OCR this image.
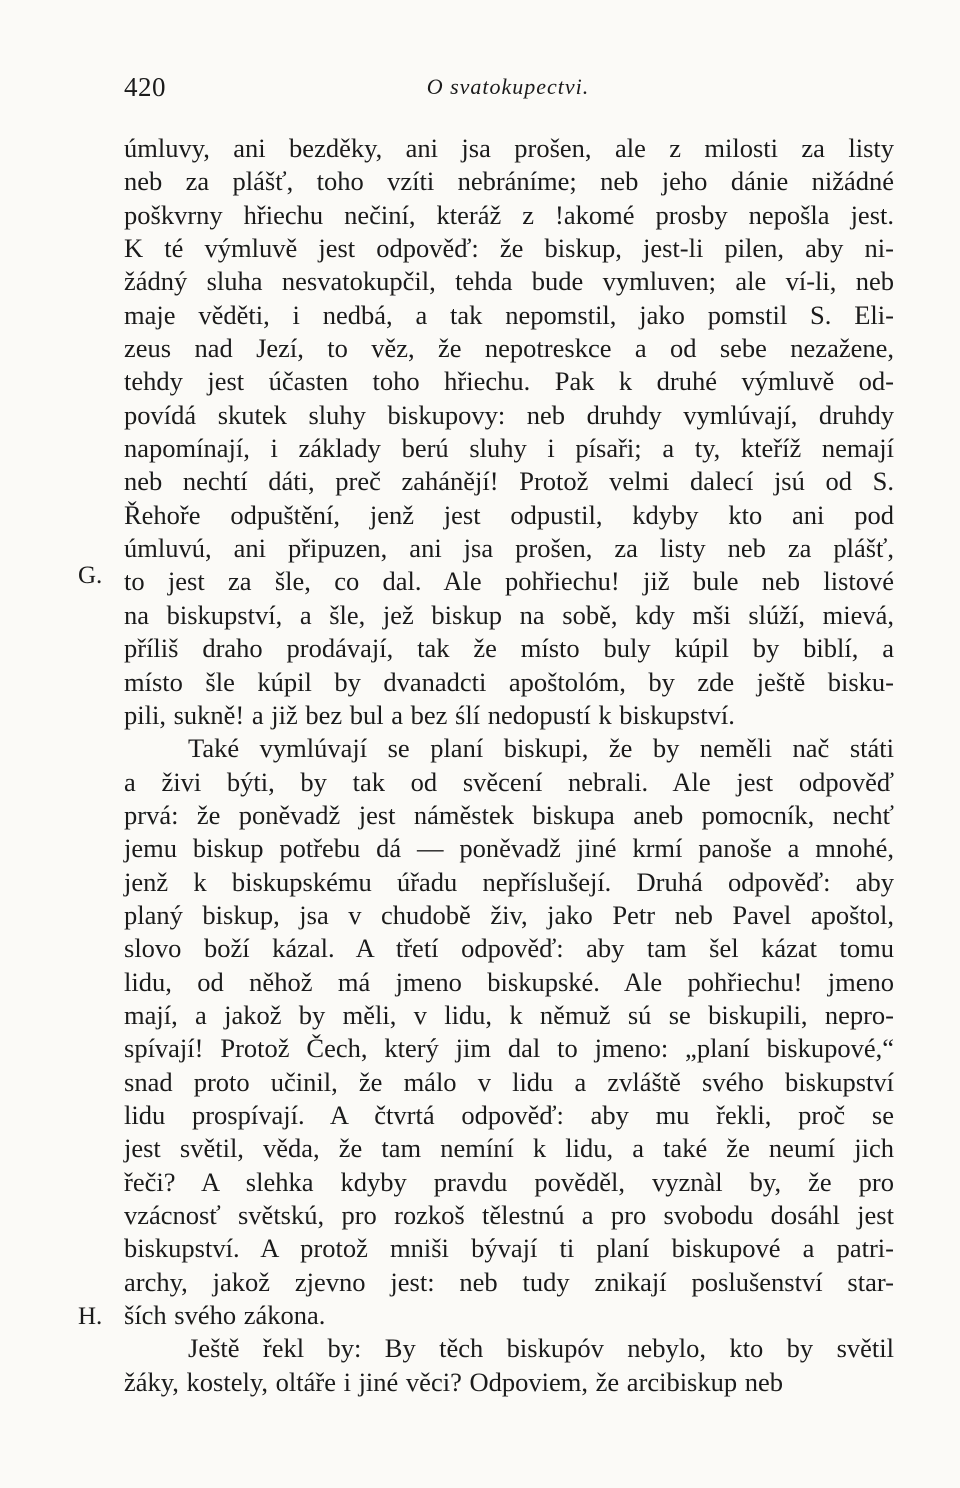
420	O svatokupectvi.
G.
H.
úmluvy, ani bezděky, ani jsa prošen, ale z milosti za listy
neb za plášť, toho vzíti nebráníme; neb jeho dánie nižádné
poškvrny hřiechu nečiní, kteráž z !akomé prosby nepošla jest.
K té výmluvě jest odpověď: že biskup, jest-li pilen, aby ni-
žádný sluha nesvatokupčil, tehda bude vymluven; ale ví-li, neb
maje věděti, i nedbá, a tak nepomstil, jako pomstil S. Eli-
zeus nad Jezí, to věz, že nepotreskce a od sebe nezažene,
tehdy jest účasten toho hřiechu. Pak k druhé výmluvě od-
povídá skutek sluhy biskupovy: neb druhdy vymlúvají, druhdy
napomínají, i základy berú sluhy i písaři; a ty, kteříž nemají
neb nechtí dáti, preč zahánějí! Protož velmi dalecí jsú od S.
Řehoře odpuštění, jenž jest odpustil, kdyby kto ani pod
úmluvú, ani připuzen, ani jsa prošen, za listy neb za plášť,
to jest za šle, co dal. Ale pohřiechu! již bule neb listové
na biskupství, a šle, jež biskup na sobě, kdy mši slúží, mievá,
příliš draho prodávají, tak že místo buly kúpil by biblí, a
místo šle kúpil by dvanadcti apoštolóm, by zde ještě bisku-
pili, sukně! a již bez bul a bez ślí nedopustí k biskupství.
Také vymlúvají se planí biskupi, že by neměli nač státi
a živi býti, by tak od svěcení nebrali. Ale jest odpověď
prvá: že poněvadž jest náměstek biskupa aneb pomocník, nechť
jemu biskup potřebu dá — poněvadž jiné krmí panoše a mnohé,
jenž k biskupskému úřadu nepříslušejí. Druhá odpověď: aby
planý biskup, jsa v chudobě živ, jako Petr neb Pavel apoštol,
slovo boží kázal. A třetí odpověď: aby tam šel kázat tomu
lidu, od něhož má jmeno biskupské. Ale pohřiechu! jmeno
mají, a jakož by měli, v lidu, k němuž sú se biskupili, nepro-
spívají! Protož Čech, který jim dal to jmeno: „planí biskupové,“
snad proto učinil, že málo v lidu a zvláště svého biskupství
lidu prospívají. A čtvrtá odpověď: aby mu řekli, proč se
jest světil, věda, že tam nemíní k lidu, a také že neumí jich
řeči? A slehka kdyby pravdu pověděl, vyznàl by, že pro
vzácnosť světskú, pro rozkoš tělestnú a pro svobodu dosáhl jest
biskupství. A protož mniši bývají ti planí biskupové a patri-
archy, jakož zjevno jest: neb tudy znikají poslušenství star-
ších svého zákona.
Ještě řekl by: By těch biskupóv nebylo, kto by světil
žáky, kostely, oltáře i jiné věci? Odpoviem, že arcibiskup neb
